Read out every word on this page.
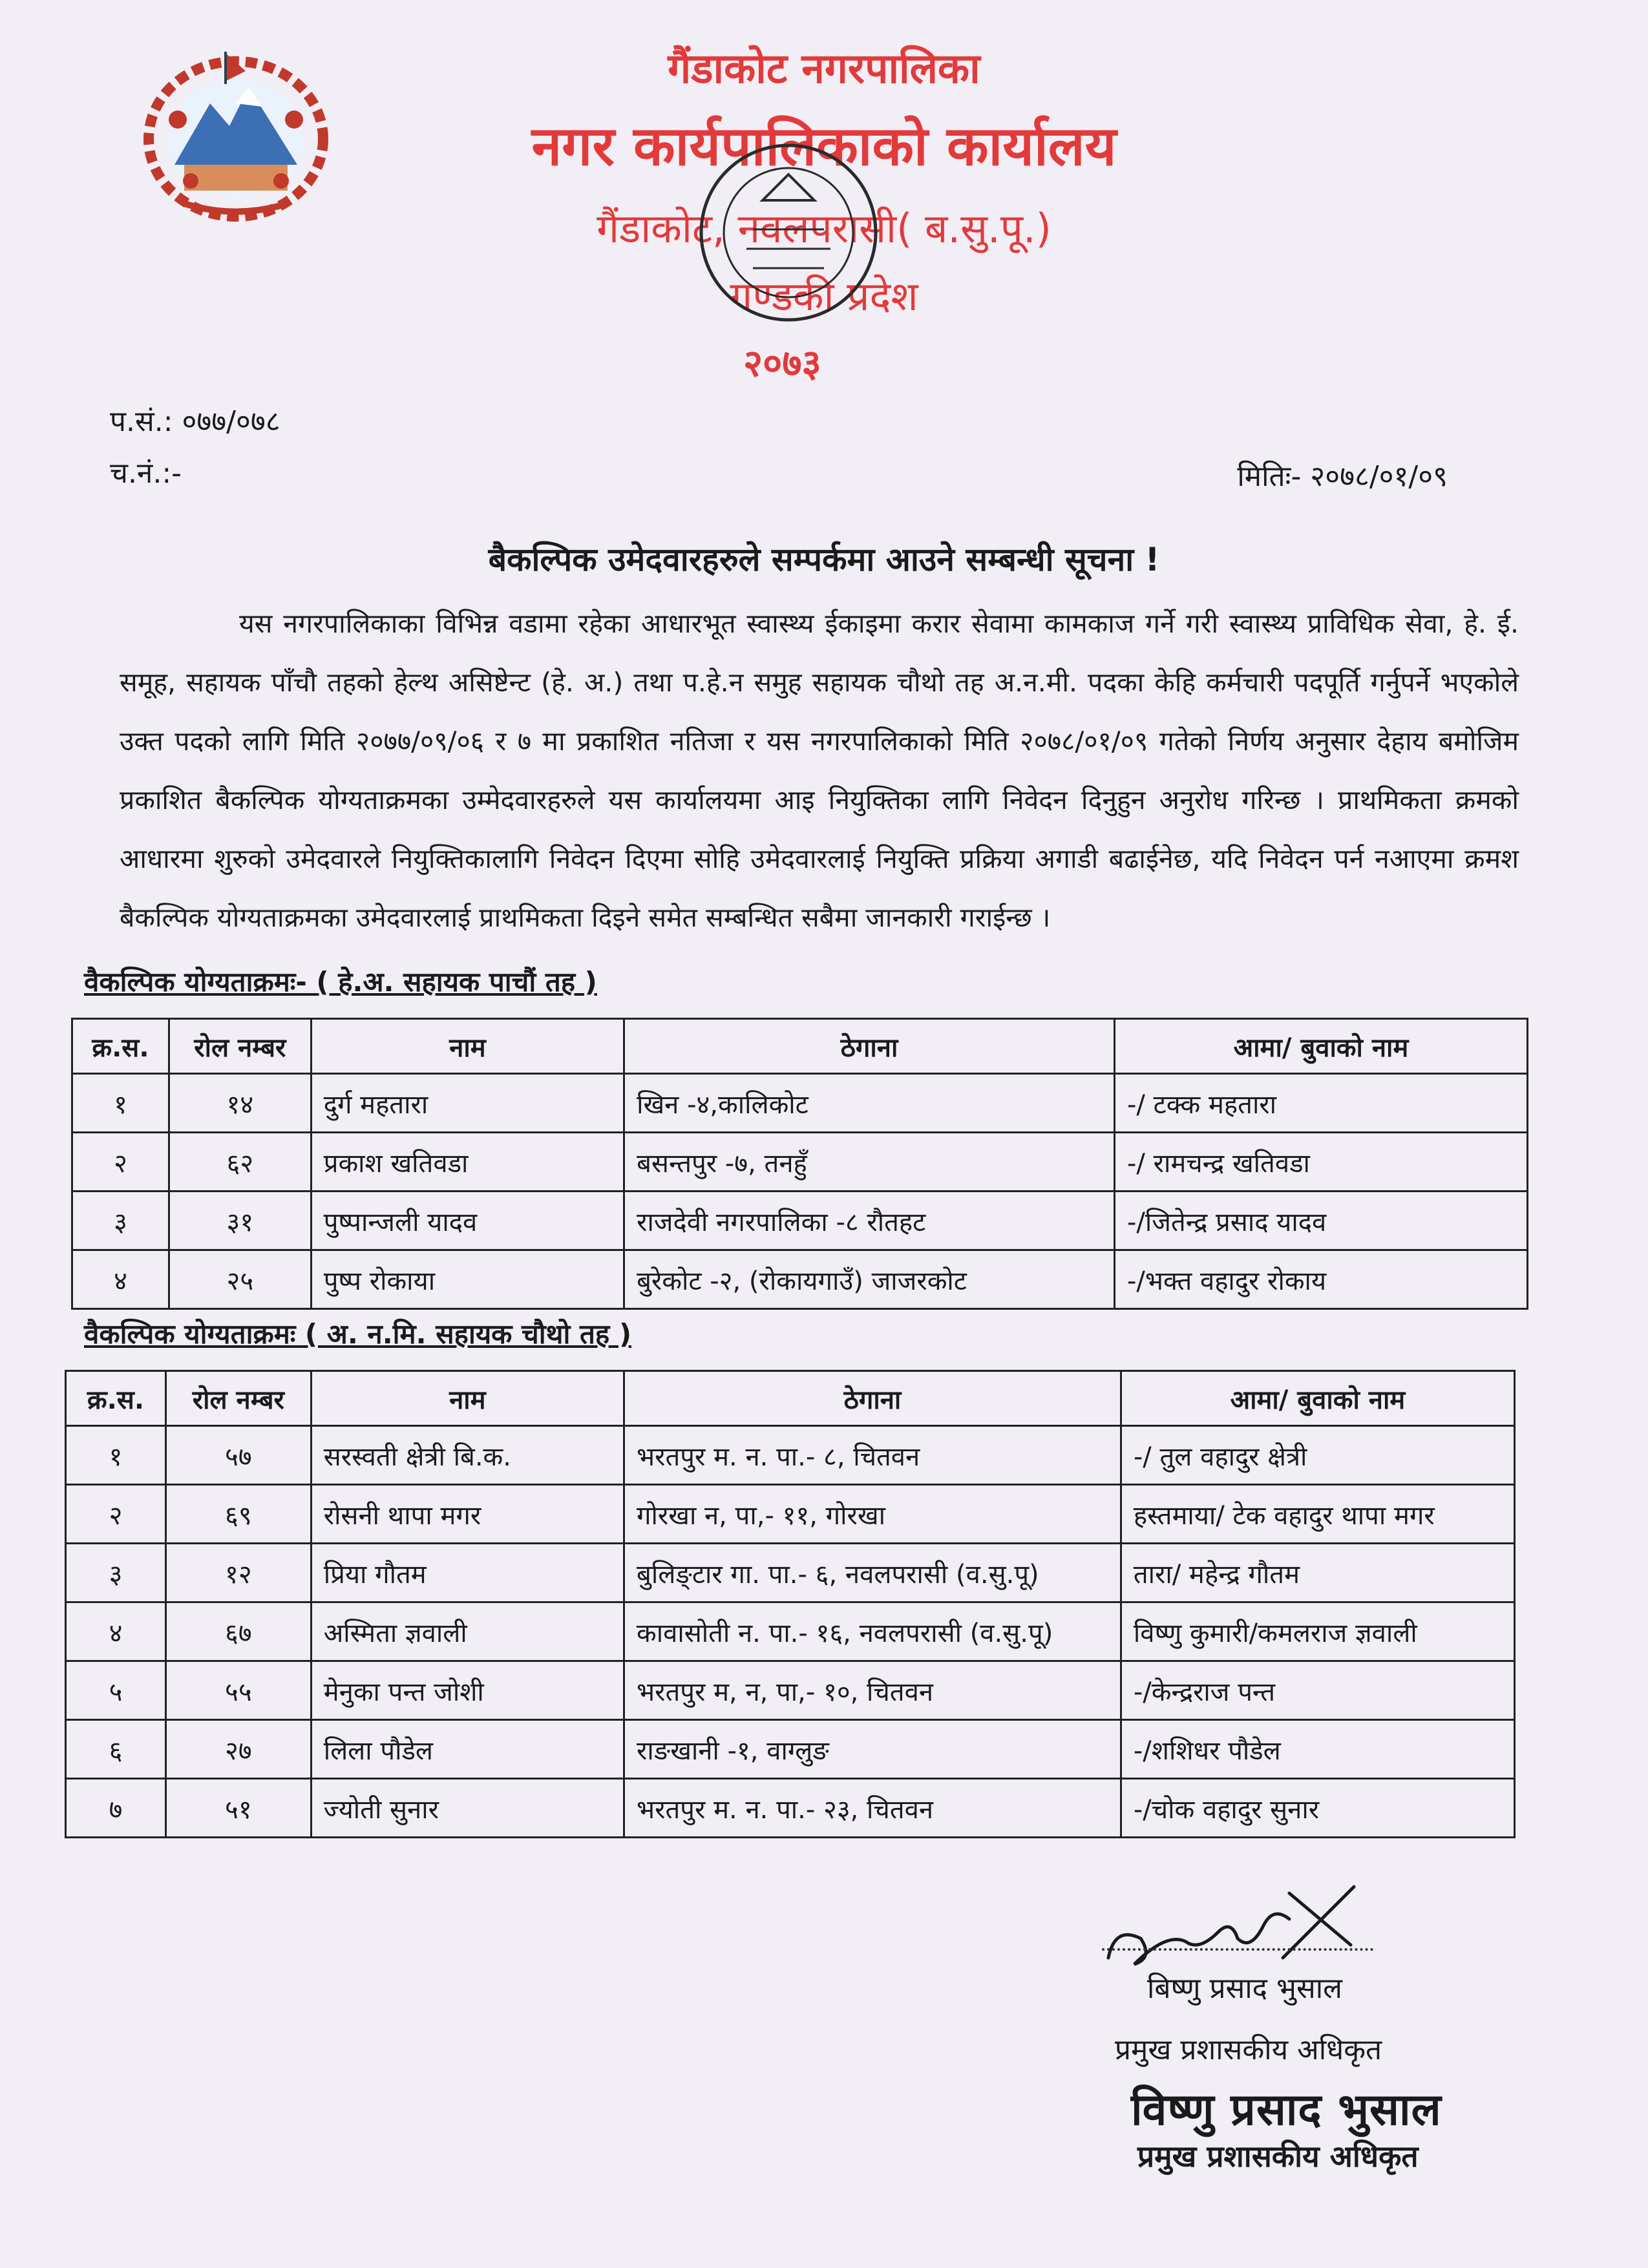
गैंडाकोट नगरपालिका
नगर कार्यपालिकाको कार्यालय
गैंडाकोट, नवलपरासी( ब.सु.पू.)
गण्डकी प्रदेश
२०७३
प.सं.: ०७७/०७८
च.नं.:-	मितिः- २०७८/०१/०९
बैकल्पिक उमेदवारहरुले सम्पर्कमा आउने सम्बन्धी सूचना !
यस नगरपालिकाका विभिन्न वडामा रहेका आधारभूत स्वास्थ्य ईकाइमा करार सेवामा कामकाज गर्ने गरी स्वास्थ्य प्राविधिक सेवा, हे. ई. समूह, सहायक पाँचौ तहको हेल्थ असिष्टेन्ट (हे. अ.) तथा प.हे.न समुह सहायक चौथो तह अ.न.मी. पदका केहि कर्मचारी पदपूर्ति गर्नुपर्ने भएकोले उक्त पदको लागि मिति २०७७/०९/०६ र ७ मा प्रकाशित नतिजा र यस नगरपालिकाको मिति २०७८/०१/०९ गतेको निर्णय अनुसार देहाय बमोजिम प्रकाशित बैकल्पिक योग्यताक्रमका उम्मेदवारहरुले यस कार्यालयमा आइ नियुक्तिका लागि निवेदन दिनुहुन अनुरोध गरिन्छ । प्राथमिकता क्रमको आधारमा शुरुको उमेदवारले नियुक्तिकालागि निवेदन दिएमा सोहि उमेदवारलाई नियुक्ति प्रक्रिया अगाडी बढाईनेछ, यदि निवेदन पर्न नआएमा क्रमश बैकल्पिक योग्यताक्रमका उमेदवारलाई प्राथमिकता दिइने समेत सम्बन्धित सबैमा जानकारी गराईन्छ ।
वैकल्पिक योग्यताक्रमः- ( हे.अ. सहायक पाचौं तह )
क्र.स.	रोल नम्बर	नाम	ठेगाना	आमा/ बुवाको नाम
१	१४	दुर्ग महतारा	खिन -४,कालिकोट	-/ टक्क महतारा
२	६२	प्रकाश खतिवडा	बसन्तपुर -७, तनहुँ	-/ रामचन्द्र खतिवडा
३	३१	पुष्पान्जली यादव	राजदेवी नगरपालिका -८ रौतहट	-/जितेन्द्र प्रसाद यादव
४	२५	पुष्प रोकाया	बुरेकोट -२, (रोकायगाउँ) जाजरकोट	-/भक्त वहादुर रोकाय
वैकल्पिक योग्यताक्रमः ( अ. न.मि. सहायक चौथो तह )
क्र.स.	रोल नम्बर	नाम	ठेगाना	आमा/ बुवाको नाम
१	५७	सरस्वती क्षेत्री बि.क.	भरतपुर म. न. पा.- ८, चितवन	-/ तुल वहादुर क्षेत्री
२	६९	रोसनी थापा मगर	गोरखा न, पा,- ११, गोरखा	हस्तमाया/ टेक वहादुर थापा मगर
३	१२	प्रिया गौतम	बुलिङ्टार गा. पा.- ६, नवलपरासी (व.सु.पू)	तारा/ महेन्द्र गौतम
४	६७	अस्मिता ज्ञवाली	कावासोती न. पा.- १६, नवलपरासी (व.सु.पू)	विष्णु कुमारी/कमलराज ज्ञवाली
५	५५	मेनुका पन्त जोशी	भरतपुर म, न, पा,- १०, चितवन	-/केन्द्रराज पन्त
६	२७	लिला पौडेल	राङखानी -१, वाग्लुङ	-/शशिधर पौडेल
७	५१	ज्योती सुनार	भरतपुर म. न. पा.- २३, चितवन	-/चोक वहादुर सुनार
बिष्णु प्रसाद भुसाल
प्रमुख प्रशासकीय अधिकृत
विष्णु प्रसाद भुसाल
प्रमुख प्रशासकीय अधिकृत
